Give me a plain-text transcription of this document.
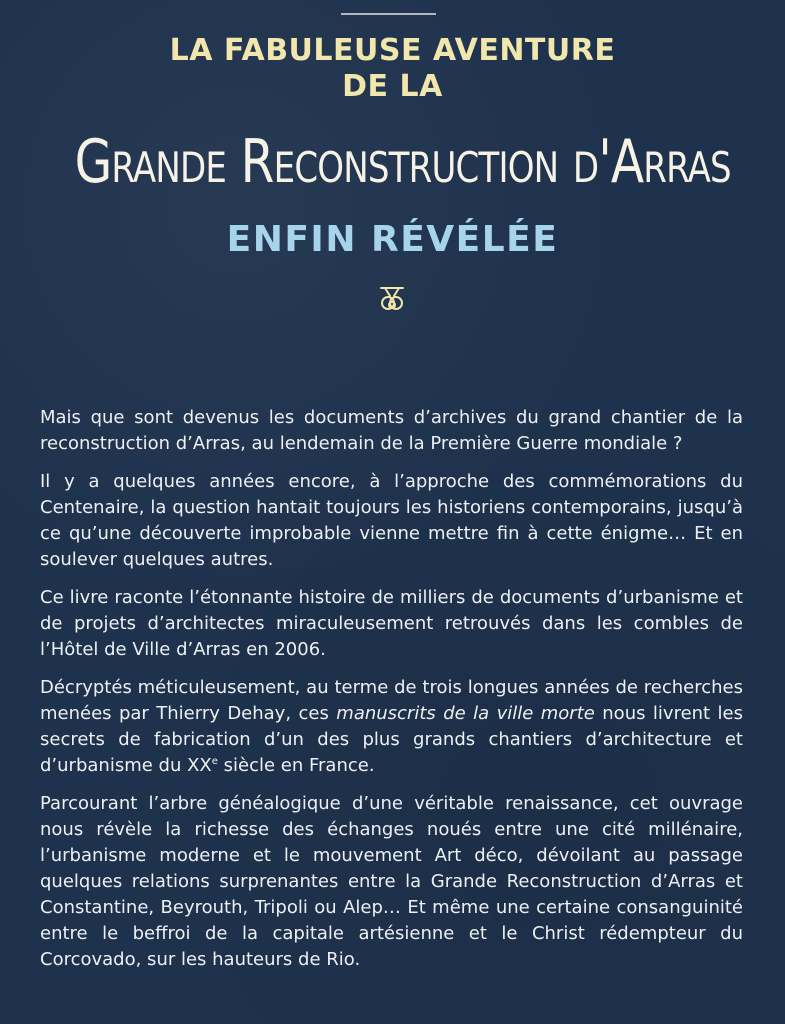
LA FABULEUSE AVENTURE
DE LA
Grande Reconstruction d'Arras
ENFIN RÉVÉLÉE

Mais que sont devenus les documents d’archives du grand chantier de la reconstruction d’Arras, au lendemain de la Première Guerre mondiale ?

Il y a quelques années encore, à l’approche des commémorations du Centenaire, la question hantait toujours les historiens contemporains, jusqu’à ce qu’une découverte improbable vienne mettre fin à cette énigme… Et en soulever quelques autres.

Ce livre raconte l’étonnante histoire de milliers de documents d’urbanisme et de projets d’architectes miraculeusement retrouvés dans les combles de l’Hôtel de Ville d’Arras en 2006.

Décryptés méticuleusement, au terme de trois longues années de recherches menées par Thierry Dehay, ces manuscrits de la ville morte nous livrent les secrets de fabrication d’un des plus grands chantiers d’architecture et d’urbanisme du XXe siècle en France.

Parcourant l’arbre généalogique d’une véritable renaissance, cet ouvrage nous révèle la richesse des échanges noués entre une cité millénaire, l’urbanisme moderne et le mouvement Art déco, dévoilant au passage quelques relations surprenantes entre la Grande Reconstruction d’Arras et Constantine, Beyrouth, Tripoli ou Alep… Et même une certaine consanguinité entre le beffroi de la capitale artésienne et le Christ rédempteur du Corcovado, sur les hauteurs de Rio.
